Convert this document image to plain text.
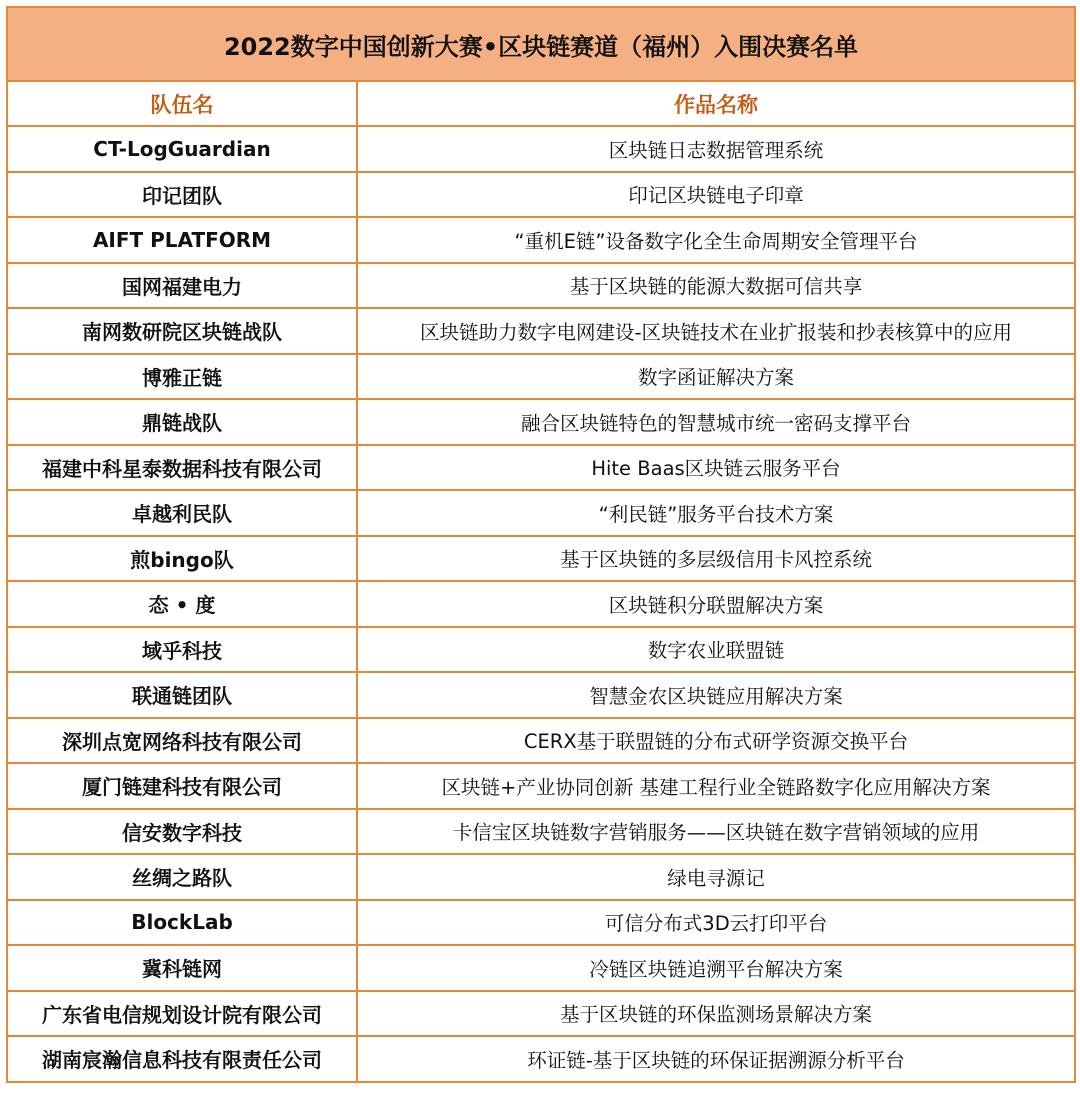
2022数字中国创新大赛•区块链赛道（福州）入围决赛名单	
队伍名	作品名称
CT-LogGuardian	区块链日志数据管理系统
印记团队	印记区块链电子印章
AIFT PLATFORM	“重机E链”设备数字化全生命周期安全管理平台
国网福建电力	基于区块链的能源大数据可信共享
南网数研院区块链战队	区块链助力数字电网建设-区块链技术在业扩报装和抄表核算中的应用
博雅正链	数字函证解决方案
鼎链战队	融合区块链特色的智慧城市统一密码支撑平台
福建中科星泰数据科技有限公司	Hite Baas区块链云服务平台
卓越利民队	“利民链”服务平台技术方案
煎bingo队	基于区块链的多层级信用卡风控系统
态 • 度	区块链积分联盟解决方案
域乎科技	数字农业联盟链
联通链团队	智慧金农区块链应用解决方案
深圳点宽网络科技有限公司	CERX基于联盟链的分布式研学资源交换平台
厦门链建科技有限公司	区块链+产业协同创新 基建工程行业全链路数字化应用解决方案
信安数字科技	卡信宝区块链数字营销服务——区块链在数字营销领域的应用
丝绸之路队	绿电寻源记
BlockLab	可信分布式3D云打印平台
冀科链网	冷链区块链追溯平台解决方案
广东省电信规划设计院有限公司	基于区块链的环保监测场景解决方案
湖南宸瀚信息科技有限责任公司	环证链-基于区块链的环保证据溯源分析平台
